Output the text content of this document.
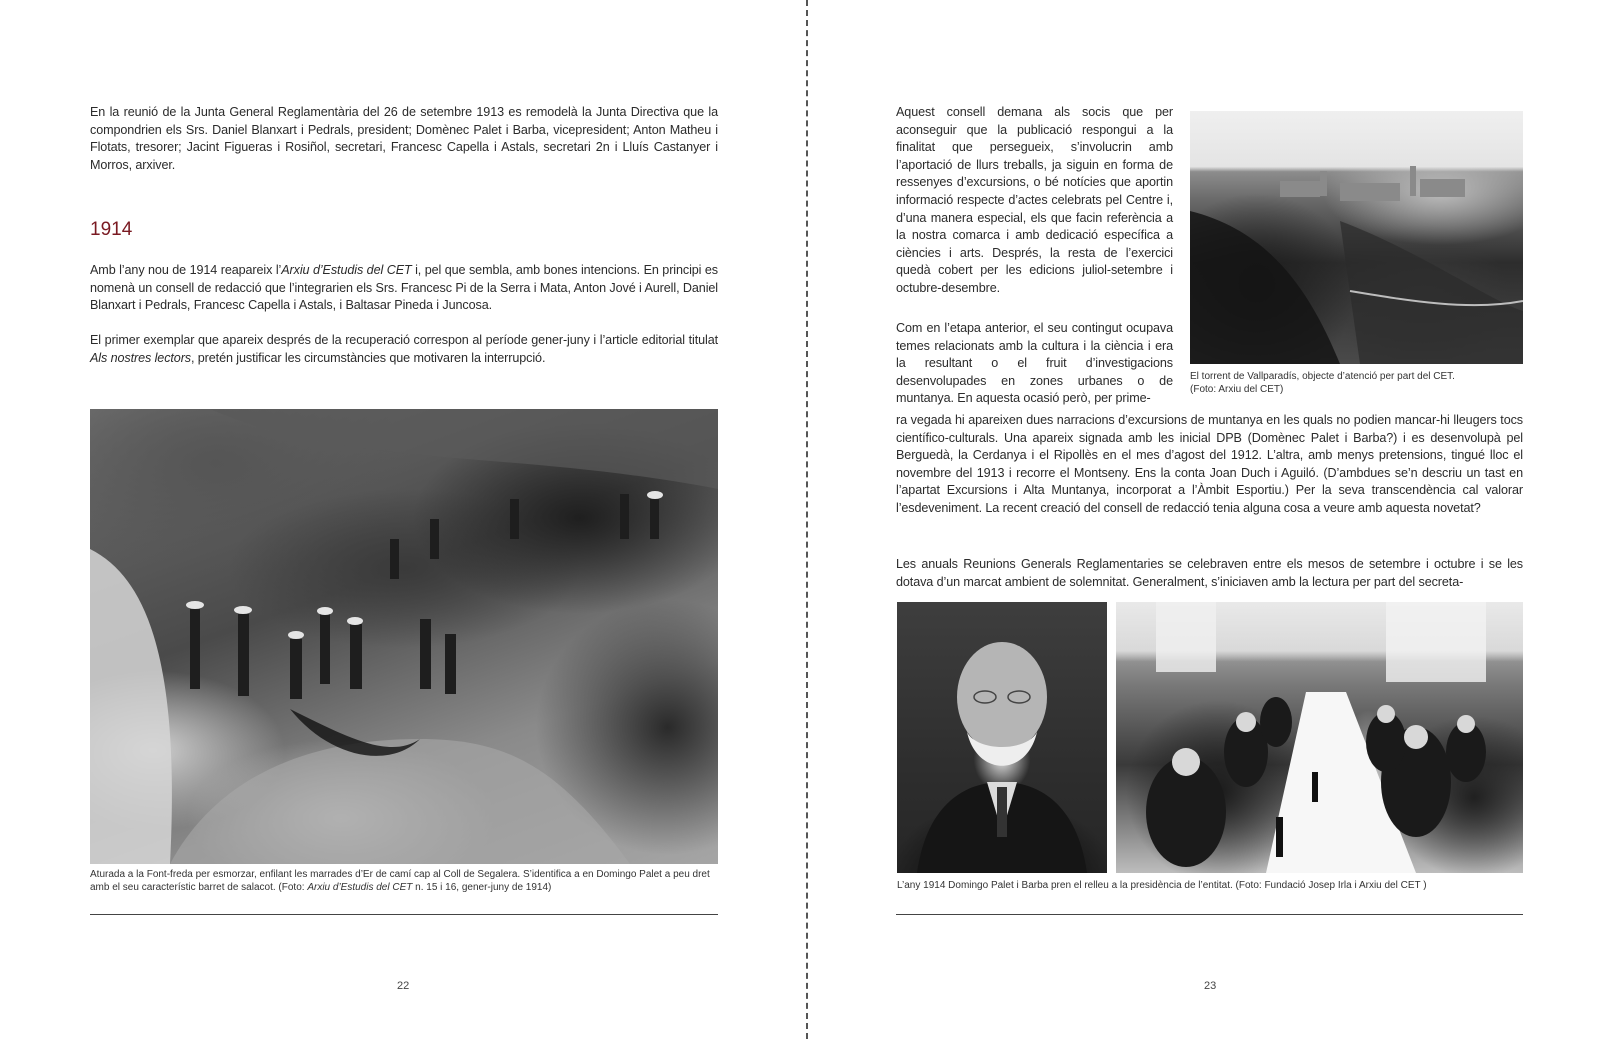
En la reunió de la Junta General Reglamentària del 26 de setembre 1913 es remodelà la Junta Directiva que la compondrien els Srs. Daniel Blanxart i Pedrals, president; Domènec Palet i Barba, vicepresident; Anton Matheu i Flotats, tresorer; Jacint Figueras i Rosiñol, secretari, Francesc Capella i Astals, secretari 2n i Lluís Castanyer i Morros, arxiver.

1914

Amb l’any nou de 1914 reapareix l’Arxiu d’Estudis del CET i, pel que sembla, amb bones intencions. En principi es nomenà un consell de redacció que l’integrarien els Srs. Francesc Pi de la Serra i Mata, Anton Jové i Aurell, Daniel Blanxart i Pedrals, Francesc Capella i Astals, i Baltasar Pineda i Juncosa.

El primer exemplar que apareix després de la recuperació correspon al període gener-juny i l’article editorial titulat Als nostres lectors, pretén justificar les circumstàncies que motivaren la interrupció.

Aturada a la Font-freda per esmorzar, enfilant les marrades d’Er de camí cap al Coll de Segalera. S’identifica a en Domingo Palet a peu dret amb el seu característic barret de salacot. (Foto: Arxiu d’Estudis del CET n. 15 i 16, gener-juny de 1914)

22

Aquest consell demana als socis que per aconseguir que la publicació respongui a la finalitat que persegueix, s’involucrin amb l’aportació de llurs treballs, ja siguin en forma de ressenyes d’excursions, o bé notícies que aportin informació respecte d’actes celebrats pel Centre i, d’una manera especial, els que facin referència a la nostra comarca i amb dedicació específica a ciències i arts. Després, la resta de l’exercici quedà cobert per les edicions juliol-setembre i octubre-desembre.

Com en l’etapa anterior, el seu contingut ocupava temes relacionats amb la cultura i la ciència i era la resultant o el fruit d’investigacions desenvolupades en zones urbanes o de muntanya. En aquesta ocasió però, per prime-

El torrent de Vallparadís, objecte d’atenció per part del CET.

(Foto: Arxiu del CET)

ra vegada hi apareixen dues narracions d’excursions de muntanya en les quals no podien mancar-hi lleugers tocs científico-culturals. Una apareix signada amb les inicial DPB (Domènec Palet i Barba?) i es desenvolupà pel Berguedà, la Cerdanya i el Ripollès en el mes d’agost del 1912. L’altra, amb menys pretensions, tingué lloc el novembre del 1913 i recorre el Montseny. Ens la conta Joan Duch i Aguiló. (D’ambdues se’n descriu un tast en l’apartat Excursions i Alta Muntanya, incorporat a l’Àmbit Esportiu.) Per la seva transcendència cal valorar l’esdeveniment. La recent creació del consell de redacció tenia alguna cosa a veure amb aquesta novetat?

Les anuals Reunions Generals Reglamentaries se celebraven entre els mesos de setembre i octubre i se les dotava d’un marcat ambient de solemnitat. Generalment, s’iniciaven amb la lectura per part del secreta-

L’any 1914 Domingo Palet i Barba pren el relleu a la presidència de l’entitat. (Foto: Fundació Josep Irla i Arxiu del CET )

23
